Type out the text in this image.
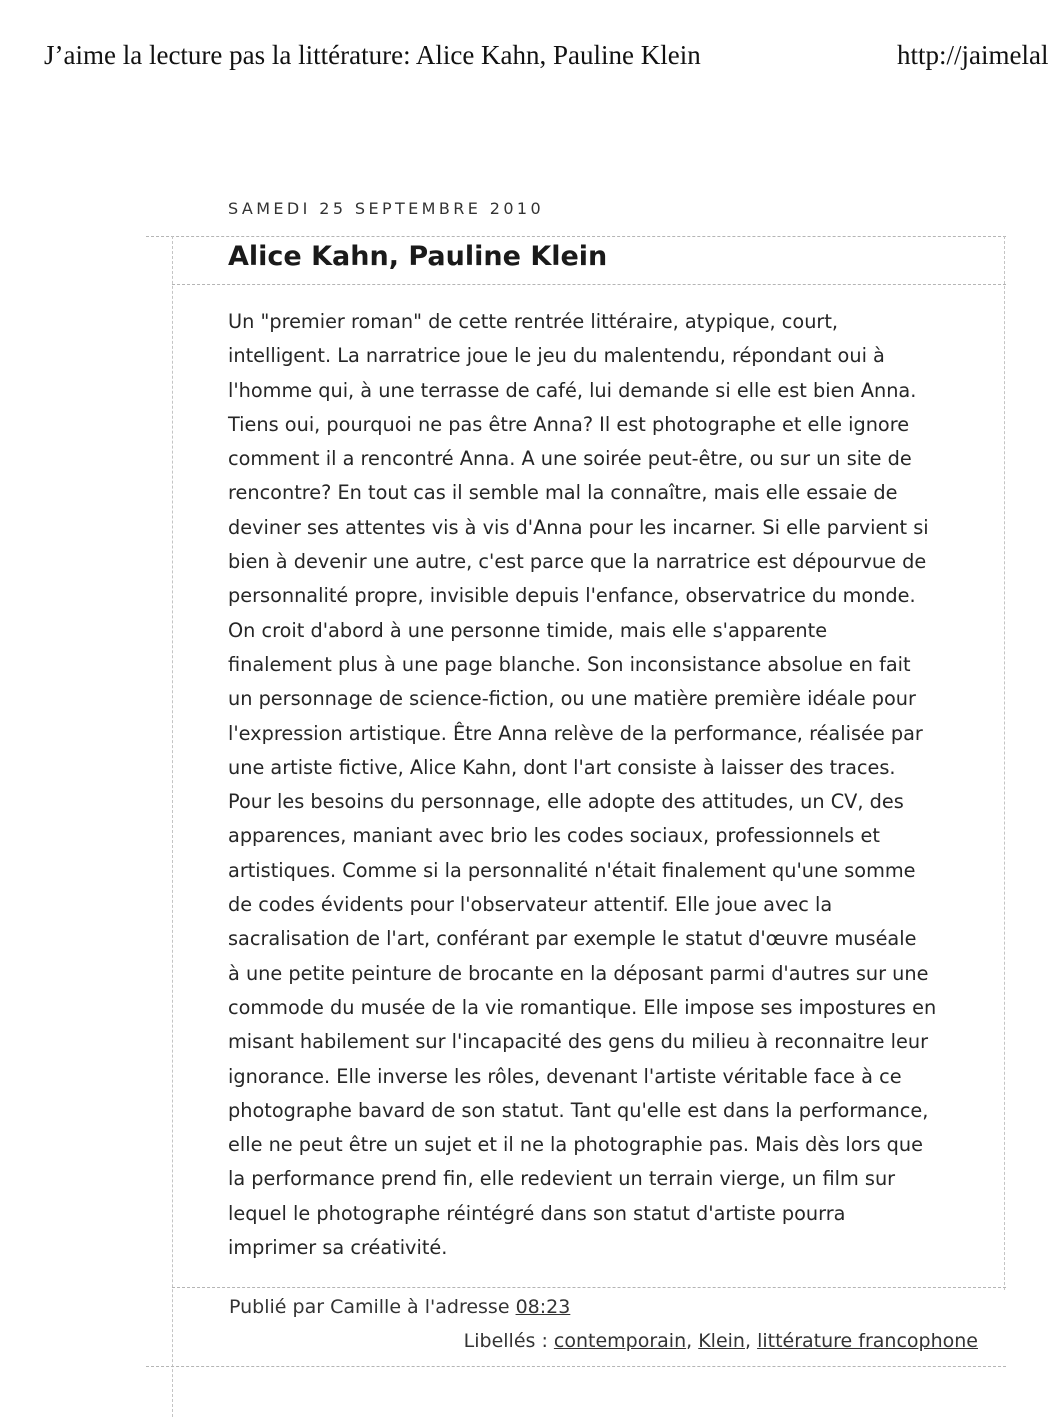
J’aime la lecture pas la littérature: Alice Kahn, Pauline Klein	http://jaimelal
SAMEDI 25 SEPTEMBRE 2010
Alice Kahn, Pauline Klein
Un "premier roman" de cette rentrée littéraire, atypique, court,
intelligent. La narratrice joue le jeu du malentendu, répondant oui à
l'homme qui, à une terrasse de café, lui demande si elle est bien Anna.
Tiens oui, pourquoi ne pas être Anna? Il est photographe et elle ignore
comment il a rencontré Anna. A une soirée peut-être, ou sur un site de
rencontre? En tout cas il semble mal la connaître, mais elle essaie de
deviner ses attentes vis à vis d'Anna pour les incarner. Si elle parvient si
bien à devenir une autre, c'est parce que la narratrice est dépourvue de
personnalité propre, invisible depuis l'enfance, observatrice du monde.
On croit d'abord à une personne timide, mais elle s'apparente
finalement plus à une page blanche. Son inconsistance absolue en fait
un personnage de science-fiction, ou une matière première idéale pour
l'expression artistique. Être Anna relève de la performance, réalisée par
une artiste fictive, Alice Kahn, dont l'art consiste à laisser des traces.
Pour les besoins du personnage, elle adopte des attitudes, un CV, des
apparences, maniant avec brio les codes sociaux, professionnels et
artistiques. Comme si la personnalité n'était finalement qu'une somme
de codes évidents pour l'observateur attentif. Elle joue avec la
sacralisation de l'art, conférant par exemple le statut d'œuvre muséale
à une petite peinture de brocante en la déposant parmi d'autres sur une
commode du musée de la vie romantique. Elle impose ses impostures en
misant habilement sur l'incapacité des gens du milieu à reconnaitre leur
ignorance. Elle inverse les rôles, devenant l'artiste véritable face à ce
photographe bavard de son statut. Tant qu'elle est dans la performance,
elle ne peut être un sujet et il ne la photographie pas. Mais dès lors que
la performance prend fin, elle redevient un terrain vierge, un film sur
lequel le photographe réintégré dans son statut d'artiste pourra
imprimer sa créativité.
Publié par Camille à l'adresse 08:23
Libellés : contemporain, Klein, littérature francophone
